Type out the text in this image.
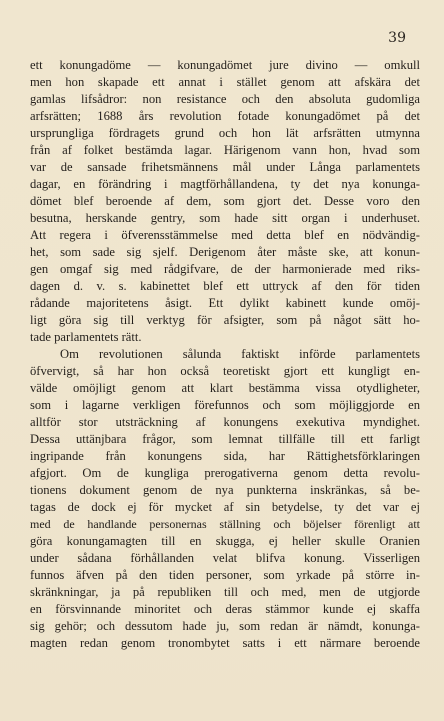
39
ett konungadöme — konungadömet jure divino — omkull
men hon skapade ett annat i stället genom att afskära det
gamlas lifsådror: non resistance och den absoluta gudomliga
arfsrätten; 1688 års revolution fotade konungadömet på det
ursprungliga fördragets grund och hon lät arfsrätten utmynna
från af folket bestämda lagar. Härigenom vann hon, hvad som
var de sansade frihetsmännens mål under Långa parlamentets
dagar, en förändring i magtförhållandena, ty det nya konunga-
dömet blef beroende af dem, som gjort det. Desse voro den
besutna, herskande gentry, som hade sitt organ i underhuset.
Att regera i öfverensstämmelse med detta blef en nödvändig-
het, som sade sig sjelf. Derigenom åter måste ske, att konun-
gen omgaf sig med rådgifvare, de der harmonierade med riks-
dagen d. v. s. kabinettet blef ett uttryck af den för tiden
rådande majoritetens åsigt. Ett dylikt kabinett kunde omöj-
ligt göra sig till verktyg för afsigter, som på något sätt ho-
tade parlamentets rätt.
Om revolutionen sålunda faktiskt införde parlamentets
öfvervigt, så har hon också teoretiskt gjort ett kungligt en-
välde omöjligt genom att klart bestämma vissa otydligheter,
som i lagarne verkligen förefunnos och som möjliggjorde en
alltför stor utsträckning af konungens exekutiva myndighet.
Dessa uttänjbara frågor, som lemnat tillfälle till ett farligt
ingripande från konungens sida, har Rättighetsförklaringen
afgjort. Om de kungliga prerogativerna genom detta revolu-
tionens dokument genom de nya punkterna inskränkas, så be-
tagas de dock ej för mycket af sin betydelse, ty det var ej
med de handlande personernas ställning och böjelser förenligt att
göra konungamagten till en skugga, ej heller skulle Oranien
under sådana förhållanden velat blifva konung. Visserligen
funnos äfven på den tiden personer, som yrkade på större in-
skränkningar, ja på republiken till och med, men de utgjorde
en försvinnande minoritet och deras stämmor kunde ej skaffa
sig gehör; och dessutom hade ju, som redan är nämdt, konunga-
magten redan genom tronombytet satts i ett närmare beroende
